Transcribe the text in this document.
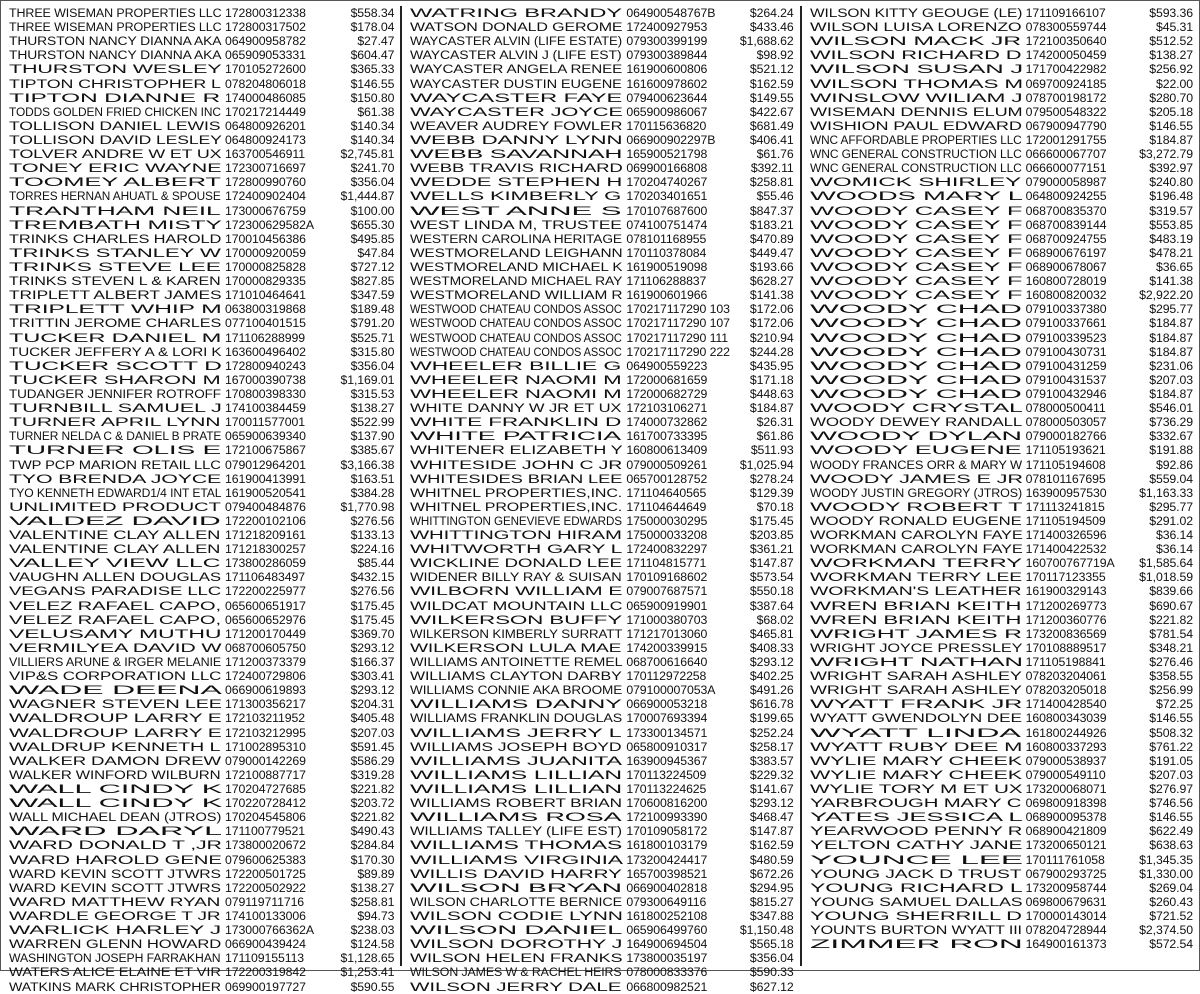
THREE WISEMAN PROPERTIES LLC 172800312338	$558.34
THREE WISEMAN PROPERTIES LLC 172800317502	$178.04
THURSTON NANCY DIANNA AKA 064900958782	$27.47
THURSTON NANCY DIANNA AKA 065909053331	$604.47
THURSTON WESLEY 170105272600	$365.33
TIPTON CHRISTOPHER L 078204806018	$146.55
TIPTON DIANNE R 174000486085	$150.80
TODDS GOLDEN FRIED CHICKEN INC 170217214449	$61.38
TOLLISON DANIEL LEWIS 064800926201	$140.34
TOLLISON DAVID LESLEY 064800924173	$140.34
TOLVER ANDRE W ET UX 163700546911	$2,745.81
TONEY ERIC WAYNE 172300716697	$241.70
TOOMEY ALBERT 172800990760	$356.04
TORRES HERNAN AHUATL & SPOUSE 172400902404	$1,444.87
TRANTHAM NEIL 173000676759	$100.00
TREMBATH MISTY 172300629582A	$655.30
TRINKS CHARLES HAROLD 170010456386	$495.85
TRINKS STANLEY W 170000920059	$47.84
TRINKS STEVE LEE 170000825828	$727.12
TRINKS STEVEN L & KAREN 170000829335	$827.85
TRIPLETT ALBERT JAMES 171010464641	$347.59
TRIPLETT WHIP M 063800319868	$189.48
TRITTIN JEROME CHARLES 077100401515	$791.20
TUCKER DANIEL M 171106288999	$525.71
TUCKER JEFFERY A & LORI K 163600496402	$315.80
TUCKER SCOTT D 172800940243	$356.04
TUCKER SHARON M 167000390738	$1,169.01
TUDANGER JENNIFER ROTROFF 170800398330	$315.53
TURNBILL SAMUEL J 174100384459	$138.27
TURNER APRIL LYNN 170011577001	$522.99
TURNER NELDA C & DANIEL B PRATE 065900639340	$137.90
TURNER OLIS E 172100675867	$385.67
TWP PCP MARION RETAIL LLC 079012964201	$3,166.38
TYO BRENDA JOYCE 161900413991	$163.51
TYO KENNETH EDWARD1/4 INT ETAL 161900520541	$384.28
UNLIMITED PRODUCT 079400484876	$1,770.98
VALDEZ DAVID 172200102106	$276.56
VALENTINE CLAY ALLEN 171218209161	$133.13
VALENTINE CLAY ALLEN 171218300257	$224.16
VALLEY VIEW LLC 173800286059	$85.44
VAUGHN ALLEN DOUGLAS 171106483497	$432.15
VEGANS PARADISE LLC 172200225977	$276.56
VELEZ RAFAEL CAPO, 065600651917	$175.45
VELEZ RAFAEL CAPO, 065600652976	$175.45
VELUSAMY MUTHU 171200170449	$369.70
VERMILYEA DAVID W 068700605750	$293.12
VILLIERS ARUNE & IRGER MELANIE 171200373379	$166.37
VIP&S CORPORATION LLC 172400729806	$303.41
WADE DEENA 066900619893	$293.12
WAGNER STEVEN LEE 171300356217	$204.31
WALDROUP LARRY E 172103211952	$405.48
WALDROUP LARRY E 172103212995	$207.03
WALDRUP KENNETH L 171002895310	$591.45
WALKER DAMON DREW 079000142269	$586.29
WALKER WINFORD WILBURN 172100887717	$319.28
WALL CINDY K 170204727685	$221.82
WALL CINDY K 170220728412	$203.72
WALL MICHAEL DEAN (JTROS) 170204545806	$221.82
WARD DARYL 171100779521	$490.43
WARD DONALD T ,JR 173800020672	$284.84
WARD HAROLD GENE 079600625383	$170.30
WARD KEVIN SCOTT JTWRS 172200501725	$89.89
WARD KEVIN SCOTT JTWRS 172200502922	$138.27
WARD MATTHEW RYAN 079119711716	$258.81
WARDLE GEORGE T JR 174100133006	$94.73
WARLICK HARLEY J 173000766362A	$238.03
WARREN GLENN HOWARD 066900439424	$124.58
WASHINGTON JOSEPH FARRAKHAN 171109155113	$1,128.65
WATERS ALICE ELAINE ET VIR 172200319842	$1,253.41
WATKINS MARK CHRISTOPHER 069900197727	$590.55
WATRING BRANDY 064900548767B	$264.24
WATSON DONALD GEROME 172400927953	$433.46
WAYCASTER ALVIN (LIFE ESTATE) 079300399199	$1,688.62
WAYCASTER ALVIN J (LIFE EST) 079300389844	$98.92
WAYCASTER ANGELA RENEE 161900600806	$521.12
WAYCASTER DUSTIN EUGENE 161600978602	$162.59
WAYCASTER FAYE 079400623644	$149.55
WAYCASTER JOYCE 065900986067	$422.67
WEAVER AUDREY FOWLER 170115636820	$681.49
WEBB DANNY LYNN 066900902297B	$406.41
WEBB SAVANNAH 165900521798	$61.76
WEBB TRAVIS RICHARD 069900166808	$392.11
WEDDE STEPHEN H 170204740267	$258.81
WELLS KIMBERLY G 170203401651	$55.46
WEST ANNE S 170107687600	$847.37
WEST LINDA M, TRUSTEE 074100751474	$183.21
WESTERN CAROLINA HERITAGE 078101168955	$470.89
WESTMORELAND LEIGHANN 170110378084	$449.47
WESTMORELAND MICHAEL K 161900519098	$193.66
WESTMORELAND MICHAEL RAY 171106288837	$628.27
WESTMORELAND WILLIAM R 161900601966	$141.38
WESTWOOD CHATEAU CONDOS ASSOC 170217117290 103	$172.06
WESTWOOD CHATEAU CONDOS ASSOC 170217117290 107	$172.06
WESTWOOD CHATEAU CONDOS ASSOC 170217117290 111	$210.94
WESTWOOD CHATEAU CONDOS ASSOC 170217117290 222	$244.28
WHEELER BILLIE G 064900559223	$435.95
WHEELER NAOMI M 172000681659	$171.18
WHEELER NAOMI M 172000682729	$448.63
WHITE DANNY W JR ET UX 172103106271	$184.87
WHITE FRANKLIN D 174000732862	$26.31
WHITE PATRICIA 161700733395	$61.86
WHITENER ELIZABETH Y 160800613409	$511.93
WHITESIDE JOHN C JR 079000509261	$1,025.94
WHITESIDES BRIAN LEE 065700128752	$278.24
WHITNEL PROPERTIES,INC. 171104640565	$129.39
WHITNEL PROPERTIES,INC. 171104644649	$70.18
WHITTINGTON GENEVIEVE EDWARDS 175000030295	$175.45
WHITTINGTON HIRAM 175000033208	$203.85
WHITWORTH GARY L 172400832297	$361.21
WICKLINE DONALD LEE 171104815771	$147.87
WIDENER BILLY RAY & SUISAN 170109168602	$573.54
WILBORN WILLIAM E 079007687571	$550.18
WILDCAT MOUNTAIN LLC 065900919901	$387.64
WILKERSON BUFFY 171000380703	$68.02
WILKERSON KIMBERLY SURRATT 171217013060	$465.81
WILKERSON LULA MAE 174200339915	$408.33
WILLIAMS ANTOINETTE REMEL 068700616640	$293.12
WILLIAMS CLAYTON DARBY 170112972258	$402.25
WILLIAMS CONNIE AKA BROOME 079100007053A	$491.26
WILLIAMS DANNY 066900053218	$616.78
WILLIAMS FRANKLIN DOUGLAS 170007693394	$199.65
WILLIAMS JERRY L 173300134571	$252.24
WILLIAMS JOSEPH BOYD 065800910317	$258.17
WILLIAMS JUANITA 163900945367	$383.57
WILLIAMS LILLIAN 170113224509	$229.32
WILLIAMS LILLIAN 170113224625	$141.67
WILLIAMS ROBERT BRIAN 170600816200	$293.12
WILLIAMS ROSA 172100993390	$468.47
WILLIAMS TALLEY (LIFE EST) 170109058172	$147.87
WILLIAMS THOMAS 161800103179	$162.59
WILLIAMS VIRGINIA 173200424417	$480.59
WILLIS DAVID HARRY 165700398521	$672.26
WILSON BRYAN 066900402818	$294.95
WILSON CHARLOTTE BERNICE 079300649116	$815.27
WILSON CODIE LYNN 161800252108	$347.88
WILSON DANIEL 065906499760	$1,150.48
WILSON DOROTHY J 164900694504	$565.18
WILSON HELEN FRANKS 173800035197	$356.04
WILSON JAMES W & RACHEL HEIRS 078000833376	$590.33
WILSON JERRY DALE 066800982521	$627.12
WILSON KITTY GEOUGE (LE) 171109166107	$593.36
WILSON LUISA LORENZO 078300559744	$45.31
WILSON MACK JR 172100350640	$512.52
WILSON RICHARD D 174200050459	$138.27
WILSON SUSAN J 171700422982	$256.92
WILSON THOMAS M 069700924185	$22.00
WINSLOW WILIAM J 078700198172	$280.70
WISEMAN DENNIS ELUM 079500548322	$205.18
WISHION PAUL EDWARD 067900947790	$146.55
WNC AFFORDABLE PROPERTIES LLC 172001291755	$184.87
WNC GENERAL CONSTRUCTION LLC 066600067707	$3,272.79
WNC GENERAL CONSTRUCTION LLC 066600077151	$392.97
WOMICK SHIRLEY 079000058987	$240.80
WOODS MARY L 064800924255	$196.48
WOODY CASEY F 068700835370	$319.57
WOODY CASEY F 068700839144	$553.85
WOODY CASEY F 068700924755	$483.19
WOODY CASEY F 068900676197	$478.21
WOODY CASEY F 068900678067	$36.65
WOODY CASEY F 160800728019	$141.38
WOODY CASEY F 160800820032	$2,922.20
WOODY CHAD 079100337380	$295.77
WOODY CHAD 079100337661	$184.87
WOODY CHAD 079100339523	$184.87
WOODY CHAD 079100430731	$184.87
WOODY CHAD 079100431259	$231.06
WOODY CHAD 079100431537	$207.03
WOODY CHAD 079100432946	$184.87
WOODY CRYSTAL 078000500411	$546.01
WOODY DEWEY RANDALL 078000503057	$736.29
WOODY DYLAN 079000182766	$332.67
WOODY EUGENE 171105193621	$191.88
WOODY FRANCES ORR & MARY W 171105194608	$92.86
WOODY JAMES E JR 078101167695	$559.04
WOODY JUSTIN GREGORY (JTROS) 163900957530	$1,163.33
WOODY ROBERT T 171113241815	$295.77
WOODY RONALD EUGENE 171105194509	$291.02
WORKMAN CAROLYN FAYE 171400326596	$36.14
WORKMAN CAROLYN FAYE 171400422532	$36.14
WORKMAN TERRY 160700767719A	$1,585.64
WORKMAN TERRY LEE 170117123355	$1,018.59
WORKMAN'S LEATHER 161900329143	$839.66
WREN BRIAN KEITH 171200269773	$690.67
WREN BRIAN KEITH 171200360776	$221.82
WRIGHT JAMES R 173200836569	$781.54
WRIGHT JOYCE PRESSLEY 170108889517	$348.21
WRIGHT NATHAN 171105198841	$276.46
WRIGHT SARAH ASHLEY 078203204061	$358.55
WRIGHT SARAH ASHLEY 078203205018	$256.99
WYATT FRANK JR 171400428540	$72.25
WYATT GWENDOLYN DEE 160800343039	$146.55
WYATT LINDA 161800244926	$508.32
WYATT RUBY DEE M 160800337293	$761.22
WYLIE MARY CHEEK 079000538937	$191.05
WYLIE MARY CHEEK 079000549110	$207.03
WYLIE TORY M ET UX 173200068071	$276.97
YARBROUGH MARY C 069800918398	$746.56
YATES JESSICA L 068900095378	$146.55
YEARWOOD PENNY R 068900421809	$622.49
YELTON CATHY JANE 173200650121	$638.63
YOUNCE LEE 170111761058	$1,345.35
YOUNG JACK D TRUST 067900293725	$1,330.00
YOUNG RICHARD L 173200958744	$269.04
YOUNG SAMUEL DALLAS 069800679631	$260.43
YOUNG SHERRILL D 170000143014	$721.52
YOUNTS BURTON WYATT III 078204728944	$2,374.50
ZIMMER RON 164900161373	$572.54
